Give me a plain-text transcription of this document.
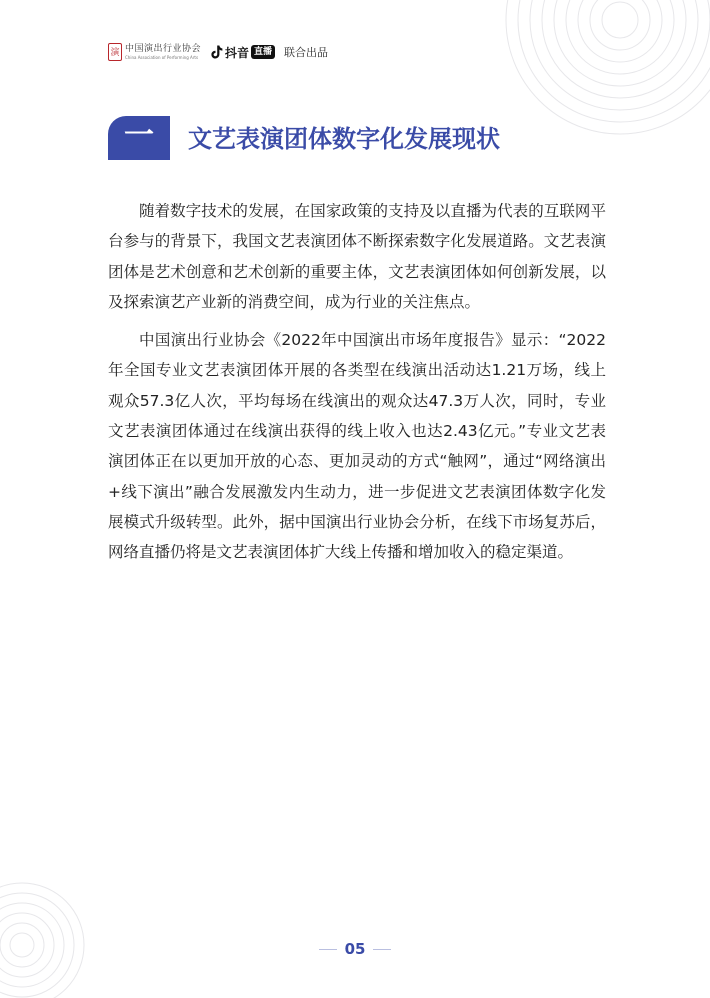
演 中国演出行业协会
China Association of Performing Arts 抖音 直播 联合出品
一 文艺表演团体数字化发展现状

随着数字技术的发展，在国家政策的支持及以直播为代表的互联网平台参与的背景下，我国文艺表演团体不断探索数字化发展道路。文艺表演团体是艺术创意和艺术创新的重要主体，文艺表演团体如何创新发展，以及探索演艺产业新的消费空间，成为行业的关注焦点。

中国演出行业协会《2022年中国演出市场年度报告》显示：“2022年全国专业文艺表演团体开展的各类型在线演出活动达1.21万场，线上观众57.3亿人次，平均每场在线演出的观众达47.3万人次，同时，专业文艺表演团体通过在线演出获得的线上收入也达2.43亿元。”专业文艺表演团体正在以更加开放的心态、更加灵动的方式“触网”，通过“网络演出+线下演出”融合发展激发内生动力，进一步促进文艺表演团体数字化发展模式升级转型。此外，据中国演出行业协会分析，在线下市场复苏后，网络直播仍将是文艺表演团体扩大线上传播和增加收入的稳定渠道。

05
